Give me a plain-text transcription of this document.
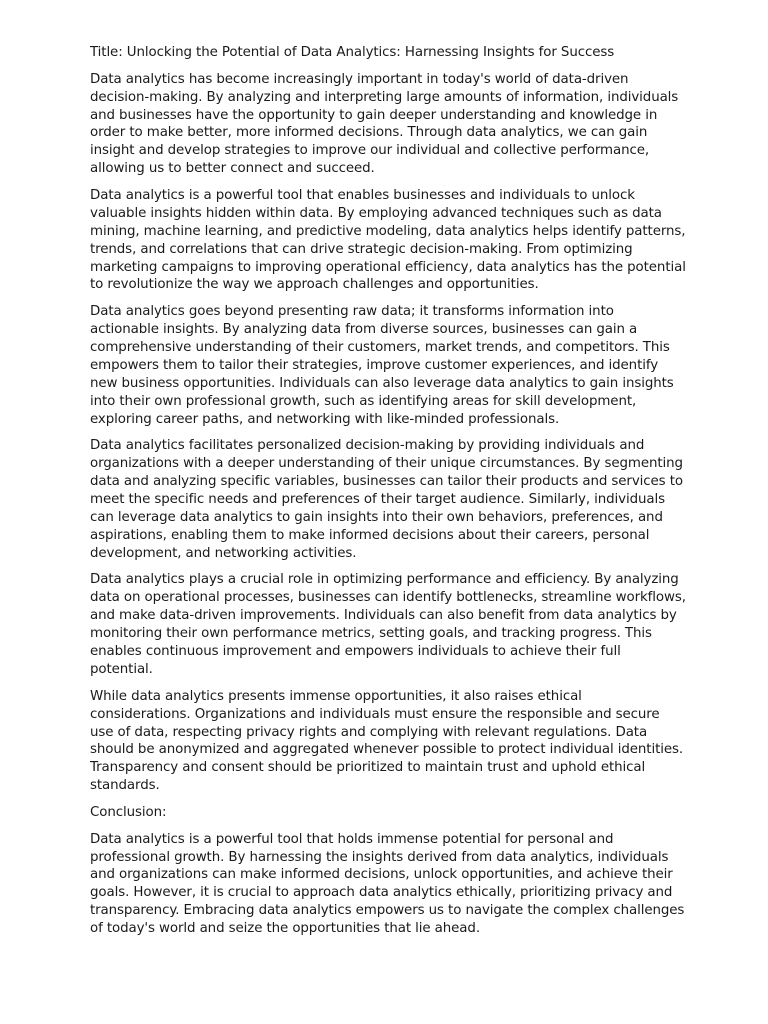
Title: Unlocking the Potential of Data Analytics: Harnessing Insights for Success

Data analytics has become increasingly important in today's world of data-driven decision-making. By analyzing and interpreting large amounts of information, individuals and businesses have the opportunity to gain deeper understanding and knowledge in order to make better, more informed decisions. Through data analytics, we can gain insight and develop strategies to improve our individual and collective performance, allowing us to better connect and succeed.

Data analytics is a powerful tool that enables businesses and individuals to unlock valuable insights hidden within data. By employing advanced techniques such as data mining, machine learning, and predictive modeling, data analytics helps identify patterns, trends, and correlations that can drive strategic decision-making. From optimizing marketing campaigns to improving operational efficiency, data analytics has the potential to revolutionize the way we approach challenges and opportunities.

Data analytics goes beyond presenting raw data; it transforms information into actionable insights. By analyzing data from diverse sources, businesses can gain a comprehensive understanding of their customers, market trends, and competitors. This empowers them to tailor their strategies, improve customer experiences, and identify new business opportunities. Individuals can also leverage data analytics to gain insights into their own professional growth, such as identifying areas for skill development, exploring career paths, and networking with like-minded professionals.

Data analytics facilitates personalized decision-making by providing individuals and organizations with a deeper understanding of their unique circumstances. By segmenting data and analyzing specific variables, businesses can tailor their products and services to meet the specific needs and preferences of their target audience. Similarly, individuals can leverage data analytics to gain insights into their own behaviors, preferences, and aspirations, enabling them to make informed decisions about their careers, personal development, and networking activities.

Data analytics plays a crucial role in optimizing performance and efficiency. By analyzing data on operational processes, businesses can identify bottlenecks, streamline workflows, and make data-driven improvements. Individuals can also benefit from data analytics by monitoring their own performance metrics, setting goals, and tracking progress. This enables continuous improvement and empowers individuals to achieve their full potential.

While data analytics presents immense opportunities, it also raises ethical considerations. Organizations and individuals must ensure the responsible and secure use of data, respecting privacy rights and complying with relevant regulations. Data should be anonymized and aggregated whenever possible to protect individual identities. Transparency and consent should be prioritized to maintain trust and uphold ethical standards.

Conclusion:

Data analytics is a powerful tool that holds immense potential for personal and professional growth. By harnessing the insights derived from data analytics, individuals and organizations can make informed decisions, unlock opportunities, and achieve their goals. However, it is crucial to approach data analytics ethically, prioritizing privacy and transparency. Embracing data analytics empowers us to navigate the complex challenges of today's world and seize the opportunities that lie ahead.
